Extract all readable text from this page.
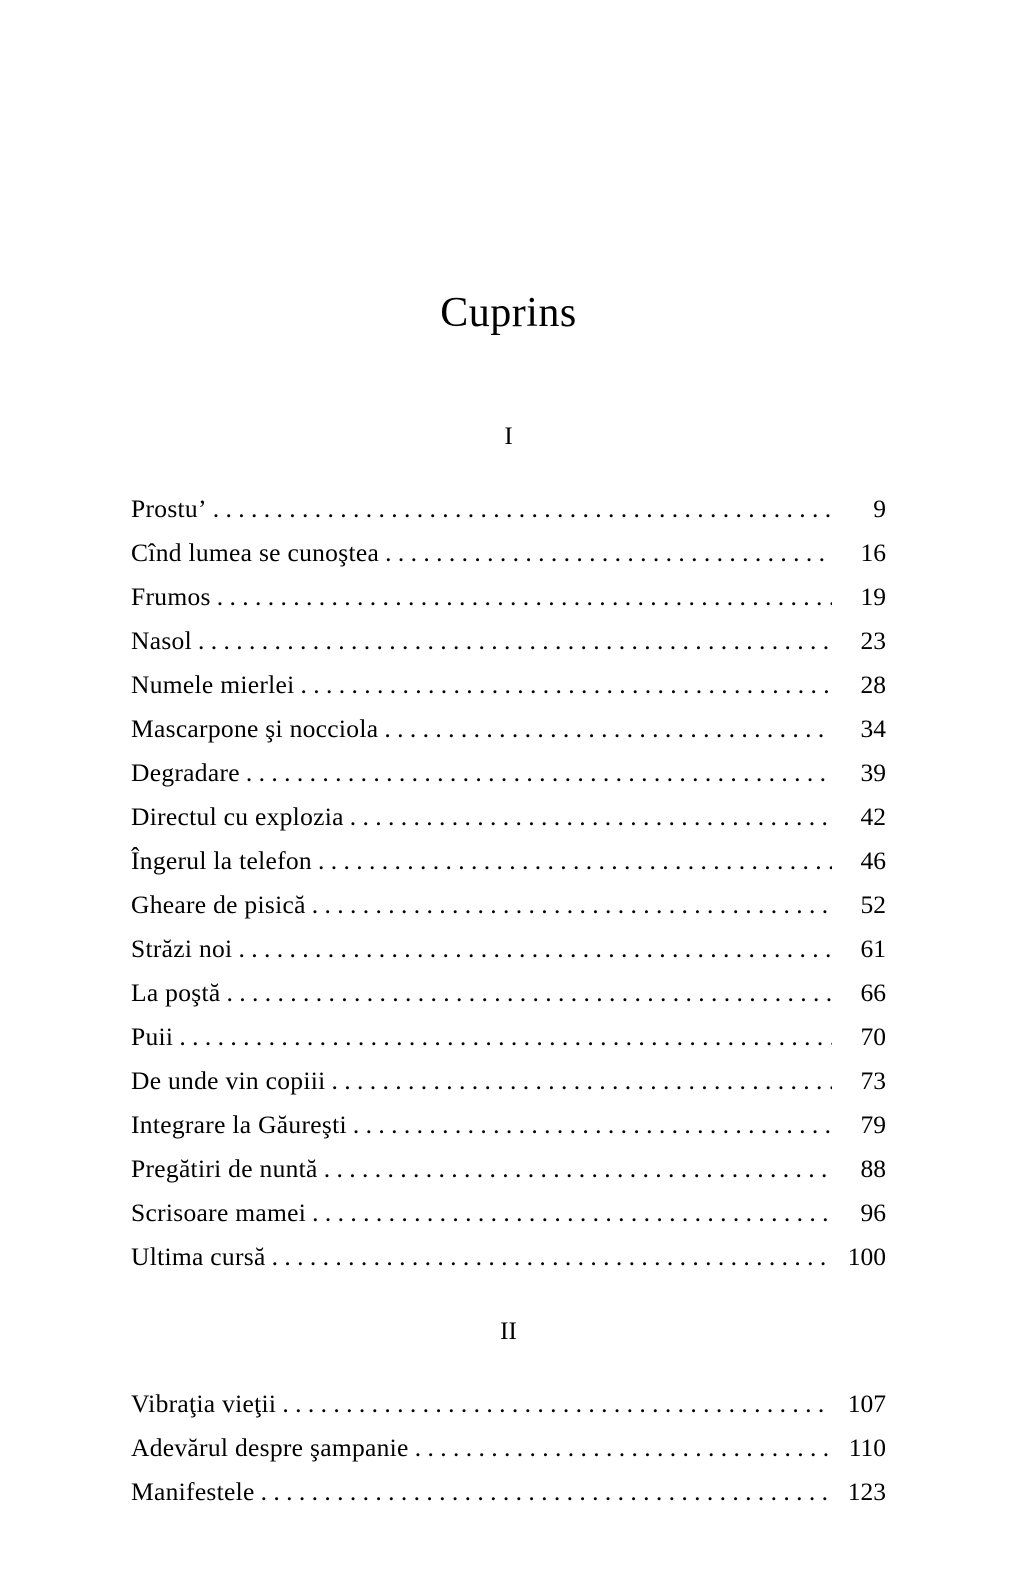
Cuprins
I
Prostu’ . . .	9
Cînd lumea se cunoştea . . .	16
Frumos . . .	19
Nasol . . .	23
Numele mierlei . . .	28
Mascarpone şi nocciola . . .	34
Degradare . . .	39
Directul cu explozia . . .	42
Îngerul la telefon . . .	46
Gheare de pisică . . .	52
Străzi noi . . .	61
La poştă . . .	66
Puii . . .	70
De unde vin copiii . . .	73
Integrare la Găureşti . . .	79
Pregătiri de nuntă . . .	88
Scrisoare mamei . . .	96
Ultima cursă . . .	100
II
Vibraţia vieţii . . .	107
Adevărul despre şampanie . . .	110
Manifestele . . .	123
